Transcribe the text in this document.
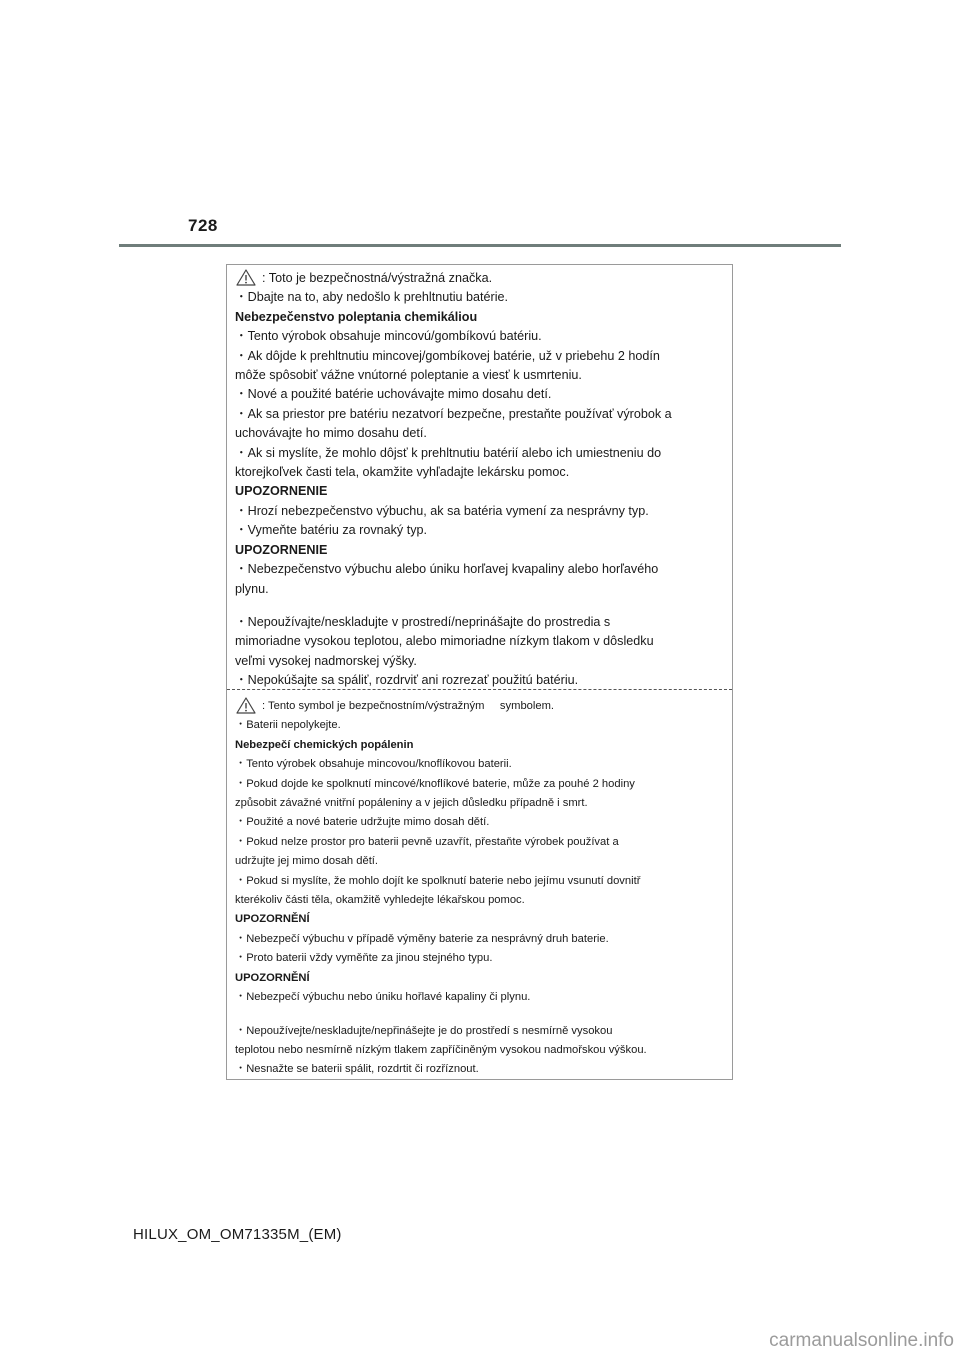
728
: Toto je bezpečnostná/výstražná značka.
・Dbajte na to, aby nedošlo k prehltnutiu batérie.
Nebezpečenstvo poleptania chemikáliou
・Tento výrobok obsahuje mincovú/gombíkovú batériu.
・Ak dôjde k prehltnutiu mincovej/gombíkovej batérie, už v priebehu 2 hodín
môže spôsobiť vážne vnútorné poleptanie a viesť k usmrteniu.
・Nové a použité batérie uchovávajte mimo dosahu detí.
・Ak sa priestor pre batériu nezatvorí bezpečne, prestaňte používať výrobok a
uchovávajte ho mimo dosahu detí.
・Ak si myslíte, že mohlo dôjsť k prehltnutiu batérií alebo ich umiestneniu do
ktorejkoľvek časti tela, okamžite vyhľadajte lekársku pomoc.
UPOZORNENIE
・Hrozí nebezpečenstvo výbuchu, ak sa batéria vymení za nesprávny typ.
・Vymeňte batériu za rovnaký typ.
UPOZORNENIE
・Nebezpečenstvo výbuchu alebo úniku horľavej kvapaliny alebo horľavého
plynu.
・Nepoužívajte/neskladujte v prostredí/neprinášajte do prostredia s
mimoriadne vysokou teplotou, alebo mimoriadne nízkym tlakom v dôsledku
veľmi vysokej nadmorskej výšky.
・Nepokúšajte sa spáliť, rozdrviť ani rozrezať použitú batériu.
: Tento symbol je bezpečnostním/výstražným     symbolem.
・Baterii nepolykejte.
Nebezpečí chemických popálenin
・Tento výrobek obsahuje mincovou/knoflíkovou baterii.
・Pokud dojde ke spolknutí mincové/knoflíkové baterie, může za pouhé 2 hodiny
způsobit závažné vnitřní popáleniny a v jejich důsledku případně i smrt.
・Použité a nové baterie udržujte mimo dosah dětí.
・Pokud nelze prostor pro baterii pevně uzavřít, přestaňte výrobek používat a
udržujte jej mimo dosah dětí.
・Pokud si myslíte, že mohlo dojít ke spolknutí baterie nebo jejímu vsunutí dovnitř
kterékoliv části těla, okamžitě vyhledejte lékařskou pomoc.
UPOZORNĚNÍ
・Nebezpečí výbuchu v případě výměny baterie za nesprávný druh baterie.
・Proto baterii vždy vyměňte za jinou stejného typu.
UPOZORNĚNÍ
・Nebezpečí výbuchu nebo úniku hořlavé kapaliny či plynu.
・Nepoužívejte/neskladujte/nepřinášejte je do prostředí s nesmírně vysokou
teplotou nebo nesmírně nízkým tlakem zapříčiněným vysokou nadmořskou výškou.
・Nesnažte se baterii spálit, rozdrtit či rozříznout.
HILUX_OM_OM71335M_(EM)
carmanualsonline.info
